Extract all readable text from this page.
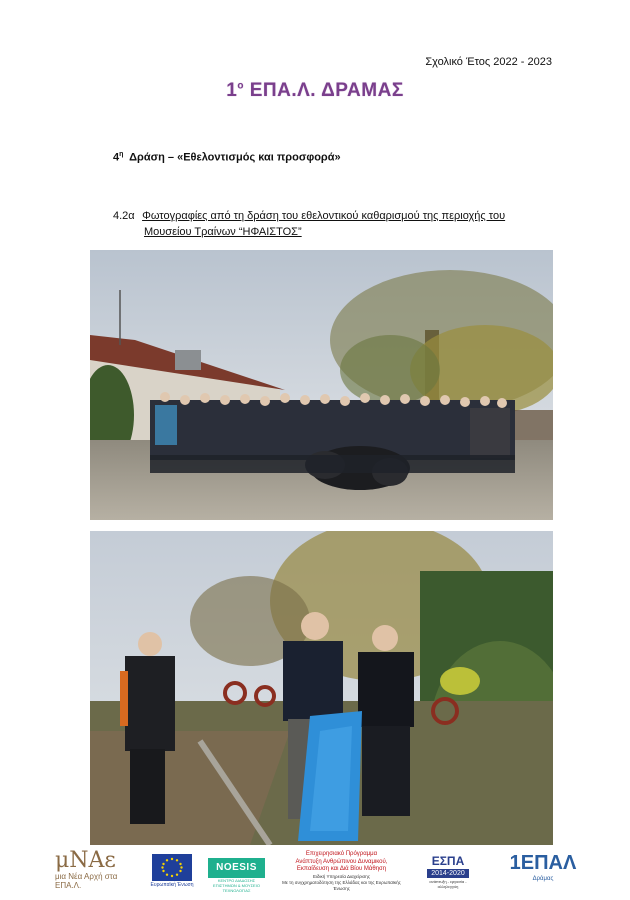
Σχολικό Έτος 2022 - 2023
$1^o$ ΕΠΑ.Λ. ΔΡΑΜΑΣ
$4^\eta$ Δράση – «Εθελοντισμός και προσφορά»
4.2α Φωτογραφίες από τη δράση του εθελοντικού καθαρισμού της περιοχής του
Μουσείου Τραίνων “ΗΦΑΙΣΤΟΣ”
μΝΑε
μια Νέα Αρχή στα ΕΠΑ.Λ.	Ευρωπαϊκή Ένωση
NOESIS
ΚΕΝΤΡΟ ΔΙΑΔΟΣΗΣ ΕΠΙΣΤΗΜΩΝ & ΜΟΥΣΕΙΟ ΤΕΧΝΟΛΟΓΙΑΣ
Επιχειρησιακό Πρόγραμμα
Ανάπτυξη Ανθρώπινου Δυναμικού,
Εκπαίδευση και Διά Βίου Μάθηση
Ειδική Υπηρεσία Διαχείρισης
Με τη συγχρηματοδότηση της Ελλάδας και της Ευρωπαϊκής Ένωσης
ΕΣΠΑ
2014-2020
ανάπτυξη - εργασία - αλληλεγγύη
1ΕΠΑΛ
Δράμας
